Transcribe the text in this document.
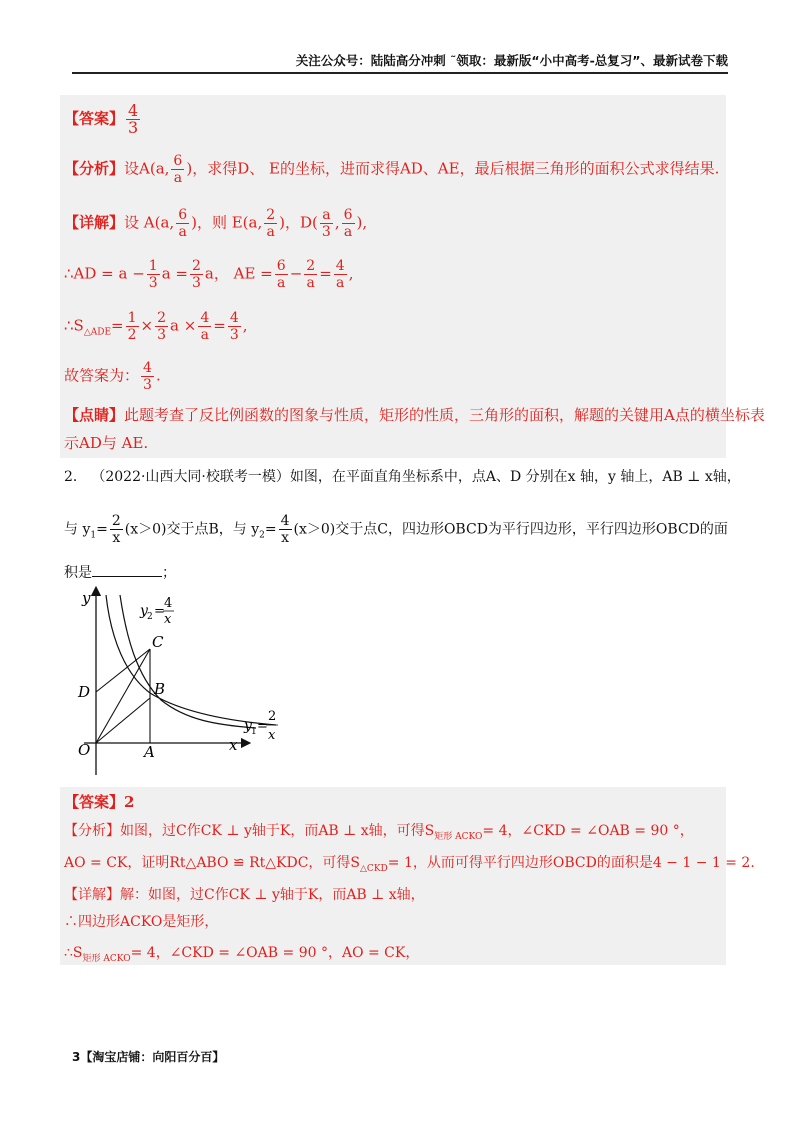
关注公众号：陆陆高分冲刺 ˜领取：最新版“小中高考-总复习”、最新试卷下载
【答案】 $\frac{4}{3}$
【分析】设A(a, $\frac{6}{a}$ )，求得D、 E的坐标，进而求得AD、AE，最后根据三角形的面积公式求得结果.
【详解】设 A(a, $\frac{6}{a}$ )，则 E(a, $\frac{2}{a}$ )，$D( \frac{a}{3}$ , $\frac{6}{a}$ ),
∴AD = $a - \frac{1}{3}$ $a = \frac{2}{3}$ a， AE = $\frac{6}{a} - \frac{2}{a} = \frac{4}{a}$ ,
$\therefore S_{\triangle ADE}= \frac{1}{2} \times \frac{2}{3}$ $a \times \frac{4}{a} = \frac{4}{3}$ ,
故答案为： $\frac{4}{3}$ .
【点睛】此题考查了反比例函数的图象与性质，矩形的性质，三角形的面积，解题的关键用A点的横坐标表
示AD与 AE.
2． （2022·山西大同·校联考一模）如图，在平面直角坐标系中，点A、D 分别在x 轴，y 轴上，AB ⊥ x轴，
与 $y_1= \frac{2}{x} (x>0)$交于点B，与 $y_2= \frac{4}{x} (x>0)$交于点C，四边形OBCD为平行四边形，平行四边形OBCD的面
积是	；
y
x
O	A
B
C
D
y 2 =
4
x
y 1 =
2
x
【答案】2
【分析】如图，过C作CK ⊥ y轴于K，而AB ⊥ x轴，可得$S_{矩形 ACKO}= 4$，∠CKD = ∠OAB = 90 °，
AO = CK，证明Rt△ABO ≌ Rt△KDC，可得$S_{\triangle CKD}= 1$，从而可得平行四边形OBCD的面积是4 − 1 − 1 = 2.
【详解】解：如图，过C作CK ⊥ y轴于K，而AB ⊥ x轴，
∴四边形ACKO是矩形，
$\therefore S_{矩形 ACKO}= 4$，∠CKD = ∠OAB = 90 °，AO = CK，
3【淘宝店铺：向阳百分百】
